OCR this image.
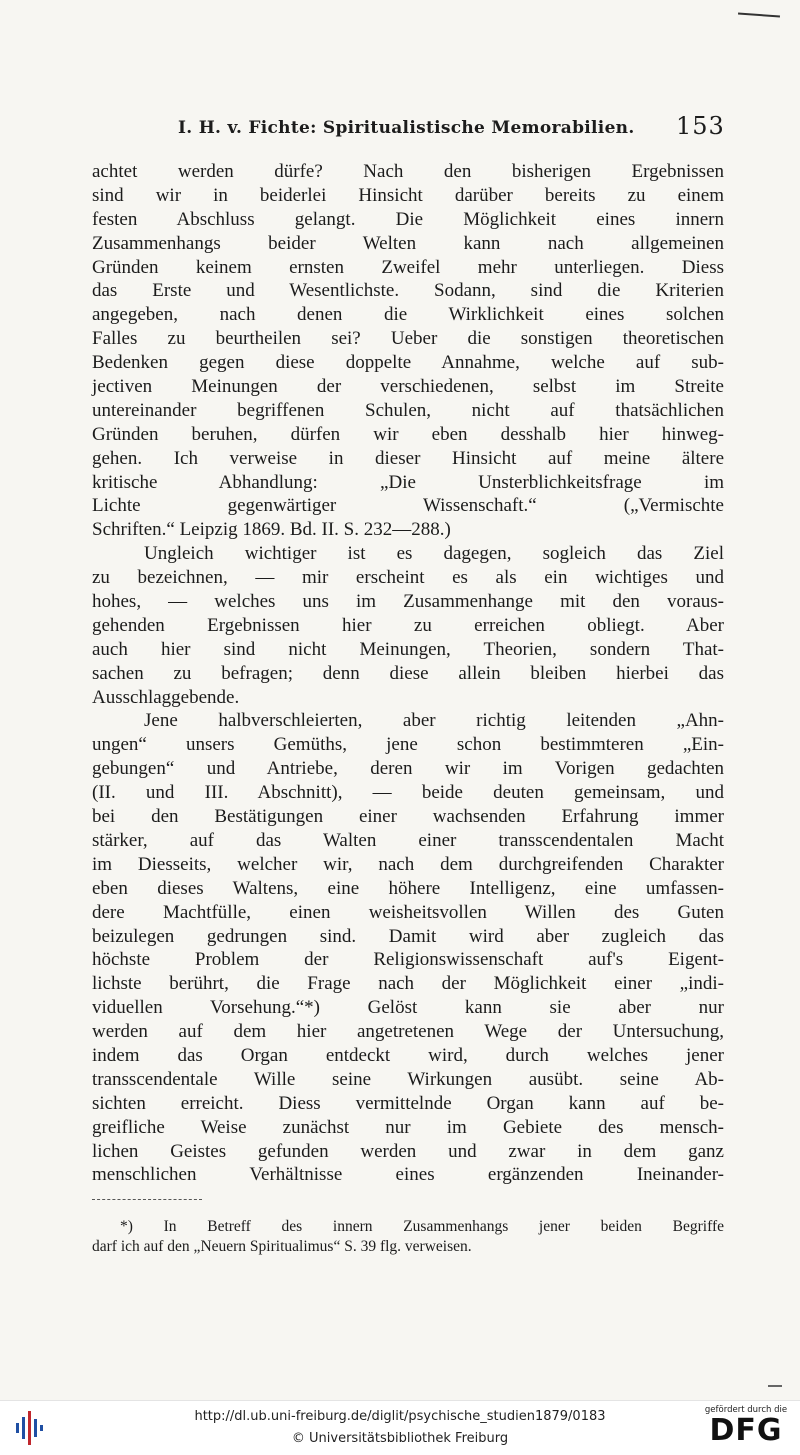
I. H. v. Fichte: Spiritualistische Memorabilien. 153
achtet werden dürfe? Nach den bisherigen Ergebnissen
sind wir in beiderlei Hinsicht darüber bereits zu einem
festen Abschluss gelangt. Die Möglichkeit eines innern
Zusammenhangs beider Welten kann nach allgemeinen
Gründen keinem ernsten Zweifel mehr unterliegen. Diess
das Erste und Wesentlichste. Sodann, sind die Kriterien
angegeben, nach denen die Wirklichkeit eines solchen
Falles zu beurtheilen sei? Ueber die sonstigen theoretischen
Bedenken gegen diese doppelte Annahme, welche auf sub-
jectiven Meinungen der verschiedenen, selbst im Streite
untereinander begriffenen Schulen, nicht auf thatsächlichen
Gründen beruhen, dürfen wir eben desshalb hier hinweg-
gehen. Ich verweise in dieser Hinsicht auf meine ältere
kritische Abhandlung: „Die Unsterblichkeitsfrage im
Lichte gegenwärtiger Wissenschaft.“ („Vermischte
Schriften.“ Leipzig 1869. Bd. II. S. 232—288.)
Ungleich wichtiger ist es dagegen, sogleich das Ziel
zu bezeichnen, — mir erscheint es als ein wichtiges und
hohes, — welches uns im Zusammenhange mit den voraus-
gehenden Ergebnissen hier zu erreichen obliegt. Aber
auch hier sind nicht Meinungen, Theorien, sondern That-
sachen zu befragen; denn diese allein bleiben hierbei das
Ausschlaggebende.
Jene halbverschleierten, aber richtig leitenden „Ahn-
ungen“ unsers Gemüths, jene schon bestimmteren „Ein-
gebungen“ und Antriebe, deren wir im Vorigen gedachten
(II. und III. Abschnitt), — beide deuten gemeinsam, und
bei den Bestätigungen einer wachsenden Erfahrung immer
stärker, auf das Walten einer transscendentalen Macht
im Diesseits, welcher wir, nach dem durchgreifenden Charakter
eben dieses Waltens, eine höhere Intelligenz, eine umfassen-
dere Machtfülle, einen weisheitsvollen Willen des Guten
beizulegen gedrungen sind. Damit wird aber zugleich das
höchste Problem der Religionswissenschaft auf's Eigent-
lichste berührt, die Frage nach der Möglichkeit einer „indi-
viduellen Vorsehung.“*) Gelöst kann sie aber nur
werden auf dem hier angetretenen Wege der Untersuchung,
indem das Organ entdeckt wird, durch welches jener
transscendentale Wille seine Wirkungen ausübt. seine Ab-
sichten erreicht. Diess vermittelnde Organ kann auf be-
greifliche Weise zunächst nur im Gebiete des mensch-
lichen Geistes gefunden werden und zwar in dem ganz
menschlichen Verhältnisse eines ergänzenden Ineinander-
*) In Betreff des innern Zusammenhangs jener beiden Begriffe
darf ich auf den „Neuern Spiritualimus“ S. 39 flg. verweisen.
http://dl.ub.uni-freiburg.de/diglit/psychische_studien1879/0183
© Universitätsbibliothek Freiburg
gefördert durch die
DFG
